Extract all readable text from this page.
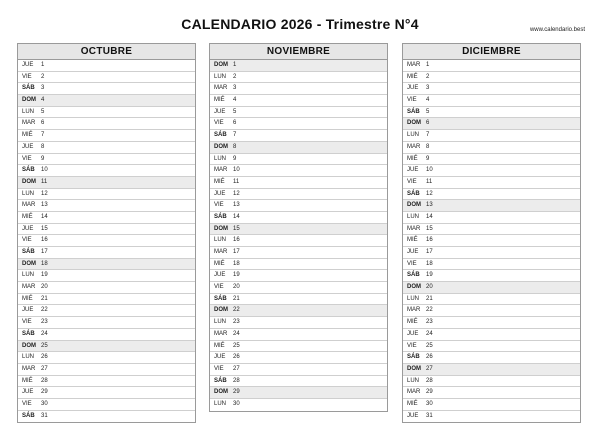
CALENDARIO 2026 - Trimestre N°4	www.calendario.best
OCTUBRE
JUE 1
VIE 2
SÁB 3
DOM 4
LUN 5
MAR 6
MIÉ 7
JUE 8
VIE 9
SÁB 10
DOM 11
LUN 12
MAR 13
MIÉ 14
JUE 15
VIE 16
SÁB 17
DOM 18
LUN 19
MAR 20
MIÉ 21
JUE 22
VIE 23
SÁB 24
DOM 25
LUN 26
MAR 27
MIÉ 28
JUE 29
VIE 30
SÁB 31
NOVIEMBRE
DOM 1
LUN 2
MAR 3
MIÉ 4
JUE 5
VIE 6
SÁB 7
DOM 8
LUN 9
MAR 10
MIÉ 11
JUE 12
VIE 13
SÁB 14
DOM 15
LUN 16
MAR 17
MIÉ 18
JUE 19
VIE 20
SÁB 21
DOM 22
LUN 23
MAR 24
MIÉ 25
JUE 26
VIE 27
SÁB 28
DOM 29
LUN 30
DICIEMBRE
MAR 1
MIÉ 2
JUE 3
VIE 4
SÁB 5
DOM 6
LUN 7
MAR 8
MIÉ 9
JUE 10
VIE 11
SÁB 12
DOM 13
LUN 14
MAR 15
MIÉ 16
JUE 17
VIE 18
SÁB 19
DOM 20
LUN 21
MAR 22
MIÉ 23
JUE 24
VIE 25
SÁB 26
DOM 27
LUN 28
MAR 29
MIÉ 30
JUE 31
